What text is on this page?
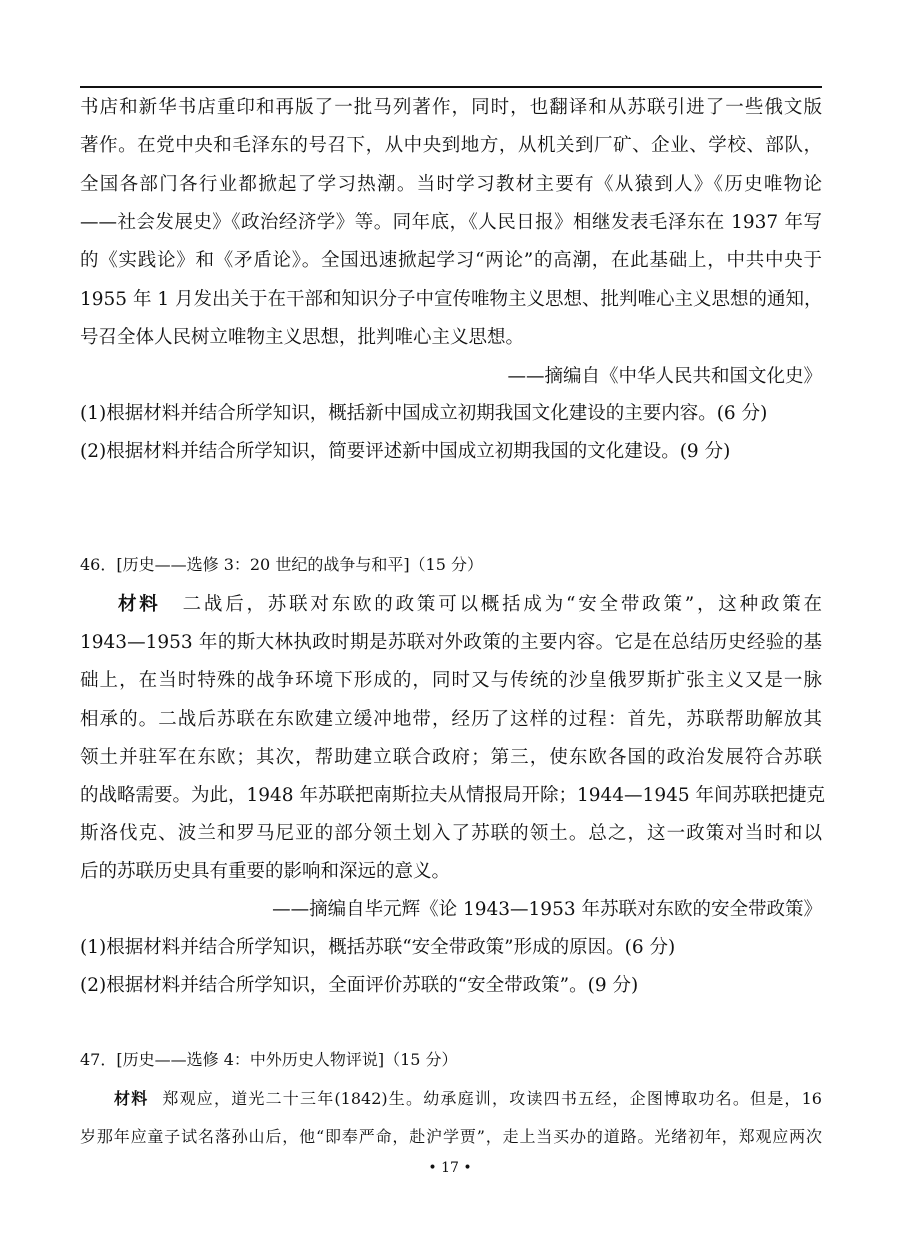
书店和新华书店重印和再版了一批马列著作，同时，也翻译和从苏联引进了一些俄文版
著作。在党中央和毛泽东的号召下，从中央到地方，从机关到厂矿、企业、学校、部队，
全国各部门各行业都掀起了学习热潮。当时学习教材主要有《从猿到人》《历史唯物论
——社会发展史》《政治经济学》等。同年底，《人民日报》相继发表毛泽东在 1937 年写
的《实践论》和《矛盾论》。全国迅速掀起学习“两论”的高潮，在此基础上，中共中央于
1955 年 1 月发出关于在干部和知识分子中宣传唯物主义思想、批判唯心主义思想的通知，
号召全体人民树立唯物主义思想，批判唯心主义思想。
——摘编自《中华人民共和国文化史》
(1)根据材料并结合所学知识，概括新中国成立初期我国文化建设的主要内容。(6 分)
(2)根据材料并结合所学知识，简要评述新中国成立初期我国的文化建设。(9 分)
46．[历史——选修 3：20 世纪的战争与和平]（15 分）
材料 二战后，苏联对东欧的政策可以概括成为“安全带政策”，这种政策在
1943—1953 年的斯大林执政时期是苏联对外政策的主要内容。它是在总结历史经验的基
础上，在当时特殊的战争环境下形成的，同时又与传统的沙皇俄罗斯扩张主义又是一脉
相承的。二战后苏联在东欧建立缓冲地带，经历了这样的过程：首先，苏联帮助解放其
领土并驻军在东欧；其次，帮助建立联合政府；第三，使东欧各国的政治发展符合苏联
的战略需要。为此，1948 年苏联把南斯拉夫从情报局开除；1944—1945 年间苏联把捷克
斯洛伐克、波兰和罗马尼亚的部分领土划入了苏联的领土。总之，这一政策对当时和以
后的苏联历史具有重要的影响和深远的意义。
——摘编自毕元辉《论 1943—1953 年苏联对东欧的安全带政策》
(1)根据材料并结合所学知识，概括苏联“安全带政策”形成的原因。(6 分)
(2)根据材料并结合所学知识，全面评价苏联的“安全带政策”。(9 分)
47．[历史——选修 4：中外历史人物评说]（15 分）
材料 郑观应，道光二十三年(1842)生。幼承庭训，攻读四书五经，企图博取功名。但是，16
岁那年应童子试名落孙山后，他“即奉严命，赴沪学贾”，走上当买办的道路。光绪初年，郑观应两次
• 17 •
